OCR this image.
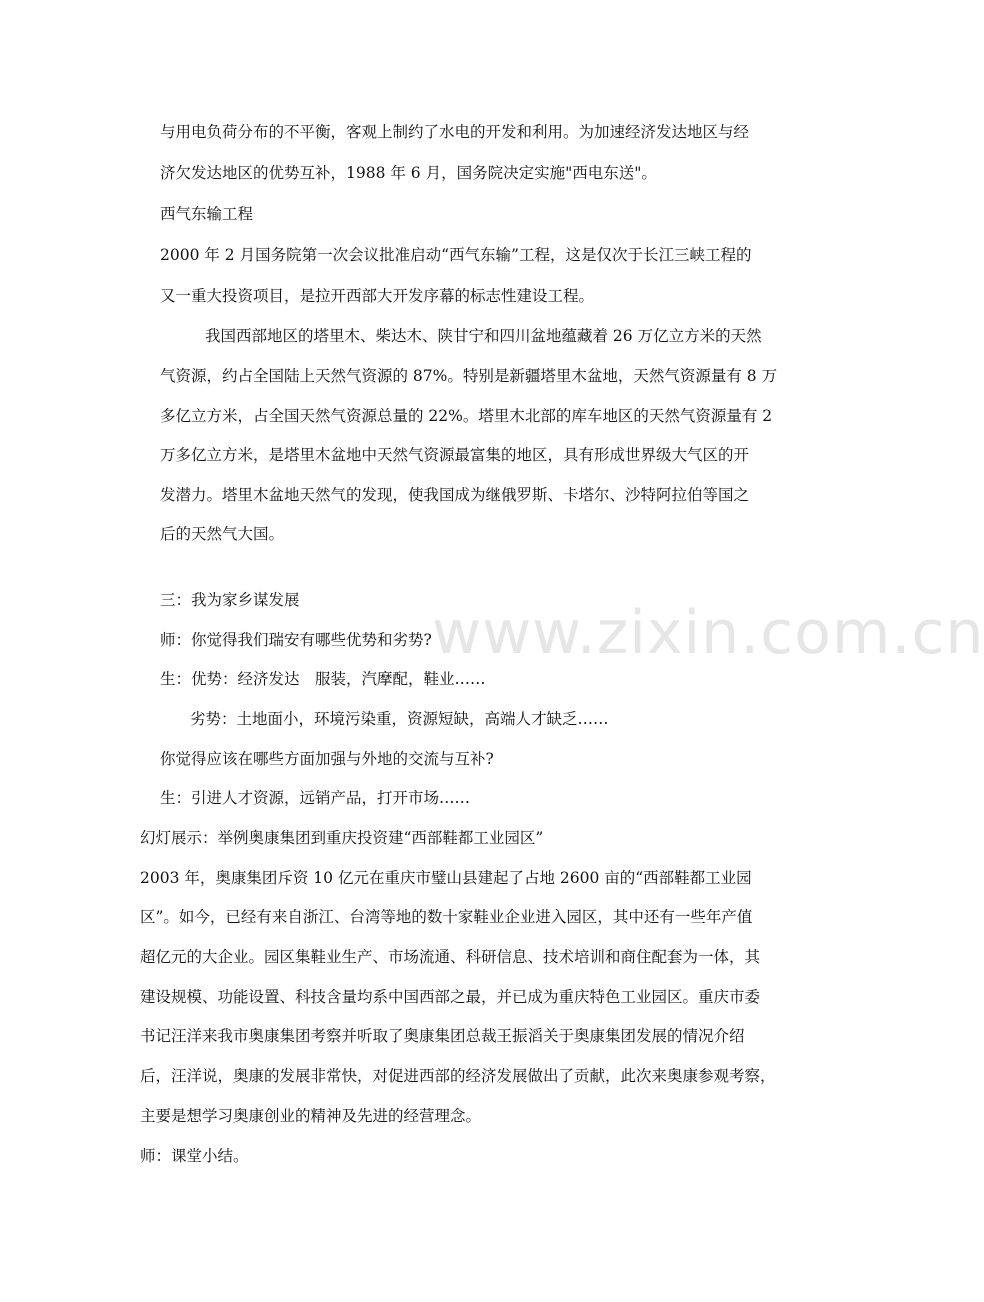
www.zixin.com.cn

与用电负荷分布的不平衡，客观上制约了水电的开发和利用。为加速经济发达地区与经

济欠发达地区的优势互补，1988 年 6 月，国务院决定实施"西电东送"。

西气东输工程

2000 年 2 月国务院第一次会议批准启动“西气东输”工程，这是仅次于长江三峡工程的

又一重大投资项目，是拉开西部大开发序幕的标志性建设工程。

我国西部地区的塔里木、柴达木、陕甘宁和四川盆地蕴藏着 26 万亿立方米的天然

气资源，约占全国陆上天然气资源的 87%。特别是新疆塔里木盆地，天然气资源量有 8 万

多亿立方米，占全国天然气资源总量的 22%。塔里木北部的库车地区的天然气资源量有 2

万多亿立方米，是塔里木盆地中天然气资源最富集的地区，具有形成世界级大气区的开

发潜力。塔里木盆地天然气的发现，使我国成为继俄罗斯、卡塔尔、沙特阿拉伯等国之

后的天然气大国。

三：我为家乡谋发展

师：你觉得我们瑞安有哪些优势和劣势?

生：优势：经济发达　服装，汽摩配，鞋业……

劣势：土地面小，环境污染重，资源短缺，高端人才缺乏……

你觉得应该在哪些方面加强与外地的交流与互补?

生：引进人才资源，远销产品，打开市场……

幻灯展示：举例奥康集团到重庆投资建“西部鞋都工业园区”

2003 年，奥康集团斥资 10 亿元在重庆市璧山县建起了占地 2600 亩的“西部鞋都工业园

区”。如今，已经有来自浙江、台湾等地的数十家鞋业企业进入园区，其中还有一些年产值

超亿元的大企业。园区集鞋业生产、市场流通、科研信息、技术培训和商住配套为一体，其

建设规模、功能设置、科技含量均系中国西部之最，并已成为重庆特色工业园区。重庆市委

书记汪洋来我市奥康集团考察并听取了奥康集团总裁王振滔关于奥康集团发展的情况介绍

后，汪洋说，奥康的发展非常快，对促进西部的经济发展做出了贡献，此次来奥康参观考察，

主要是想学习奥康创业的精神及先进的经营理念。

师：课堂小结。
